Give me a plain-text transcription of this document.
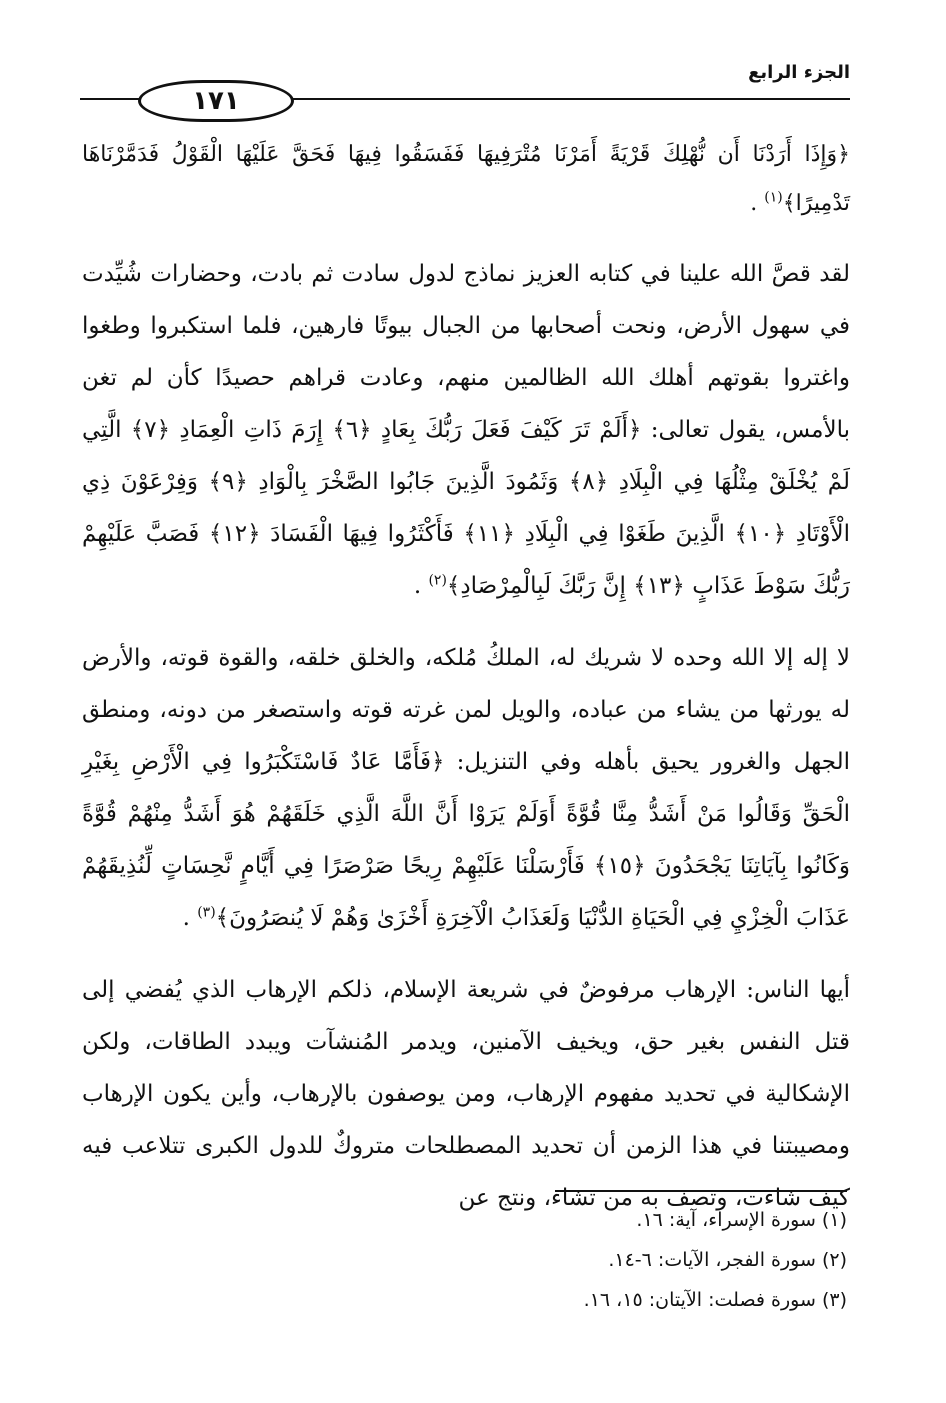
الجزء الرابع
١٧١

﴿وَإِذَا أَرَدْنَا أَن نُّهْلِكَ قَرْيَةً أَمَرْنَا مُتْرَفِيهَا فَفَسَقُوا فِيهَا فَحَقَّ عَلَيْهَا الْقَوْلُ فَدَمَّرْنَاهَا تَدْمِيرًا﴾$^{(١)}$ .

لقد قصَّ الله علينا في كتابه العزيز نماذج لدول سادت ثم بادت، وحضارات شُيِّدت في سهول الأرض، ونحت أصحابها من الجبال بيوتًا فارهين، فلما استكبروا وطغوا واغتروا بقوتهم أهلك الله الظالمين منهم، وعادت قراهم حصيدًا كأن لم تغن بالأمس، يقول تعالى: ﴿أَلَمْ تَرَ كَيْفَ فَعَلَ رَبُّكَ بِعَادٍ ﴿٦﴾ إِرَمَ ذَاتِ الْعِمَادِ ﴿٧﴾ الَّتِي لَمْ يُخْلَقْ مِثْلُهَا فِي الْبِلَادِ ﴿٨﴾ وَثَمُودَ الَّذِينَ جَابُوا الصَّخْرَ بِالْوَادِ ﴿٩﴾ وَفِرْعَوْنَ ذِي الْأَوْتَادِ ﴿١٠﴾ الَّذِينَ طَغَوْا فِي الْبِلَادِ ﴿١١﴾ فَأَكْثَرُوا فِيهَا الْفَسَادَ ﴿١٢﴾ فَصَبَّ عَلَيْهِمْ رَبُّكَ سَوْطَ عَذَابٍ ﴿١٣﴾ إِنَّ رَبَّكَ لَبِالْمِرْصَادِ﴾$^{(٢)}$ .

لا إله إلا الله وحده لا شريك له، الملكُ مُلكه، والخلق خلقه، والقوة قوته، والأرض له يورثها من يشاء من عباده، والويل لمن غرته قوته واستصغر من دونه، ومنطق الجهل والغرور يحيق بأهله وفي التنزيل: ﴿فَأَمَّا عَادٌ فَاسْتَكْبَرُوا فِي الْأَرْضِ بِغَيْرِ الْحَقِّ وَقَالُوا مَنْ أَشَدُّ مِنَّا قُوَّةً أَوَلَمْ يَرَوْا أَنَّ اللَّهَ الَّذِي خَلَقَهُمْ هُوَ أَشَدُّ مِنْهُمْ قُوَّةً وَكَانُوا بِآيَاتِنَا يَجْحَدُونَ ﴿١٥﴾ فَأَرْسَلْنَا عَلَيْهِمْ رِيحًا صَرْصَرًا فِي أَيَّامٍ نَّحِسَاتٍ لِّنُذِيقَهُمْ عَذَابَ الْخِزْيِ فِي الْحَيَاةِ الدُّنْيَا وَلَعَذَابُ الْآخِرَةِ أَخْزَىٰ وَهُمْ لَا يُنصَرُونَ﴾$^{(٣)}$ .

أيها الناس: الإرهاب مرفوضٌ في شريعة الإسلام، ذلكم الإرهاب الذي يُفضي إلى قتل النفس بغير حق، ويخيف الآمنين، ويدمر المُنشآت ويبدد الطاقات، ولكن الإشكالية في تحديد مفهوم الإرهاب، ومن يوصفون بالإرهاب، وأين يكون الإرهاب ومصيبتنا في هذا الزمن أن تحديد المصطلحات متروكٌ للدول الكبرى تتلاعب فيه كيف شاءت، وتصف به من تشاء، ونتج عن

(١) سورة الإسراء، آية: ١٦.
(٢) سورة الفجر، الآيات: ٦-١٤.
(٣) سورة فصلت: الآيتان: ١٥، ١٦.
